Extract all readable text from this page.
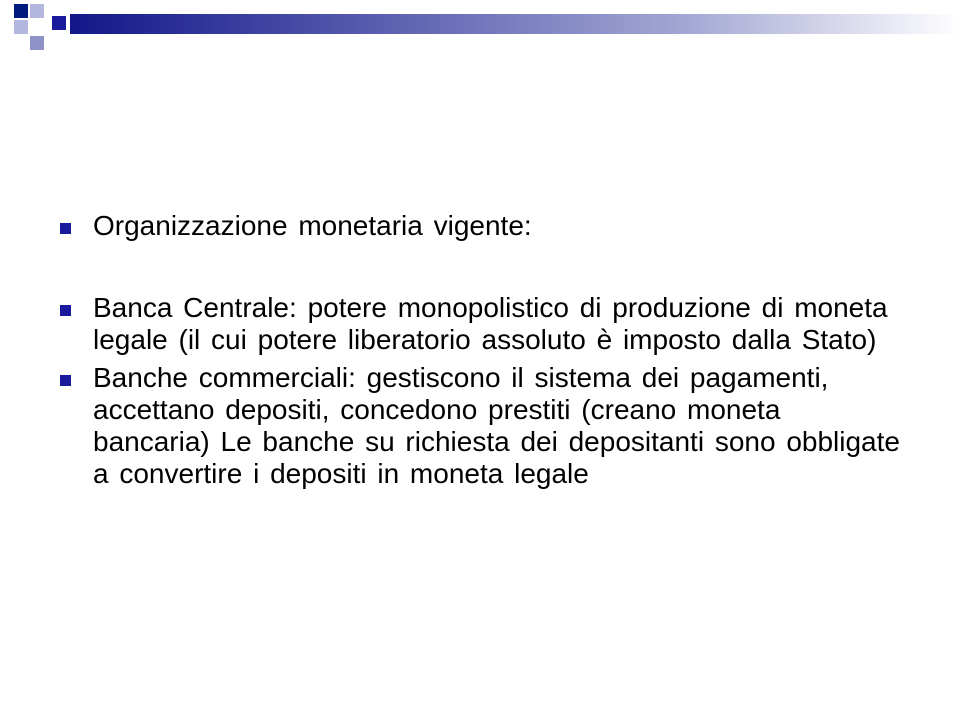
Organizzazione monetaria vigente:
Banca Centrale: potere monopolistico di produzione di moneta legale (il cui potere liberatorio assoluto è imposto dalla Stato)
Banche commerciali: gestiscono il sistema dei pagamenti, accettano depositi, concedono prestiti (creano moneta bancaria) Le banche su richiesta dei depositanti sono obbligate a convertire i depositi in moneta legale
